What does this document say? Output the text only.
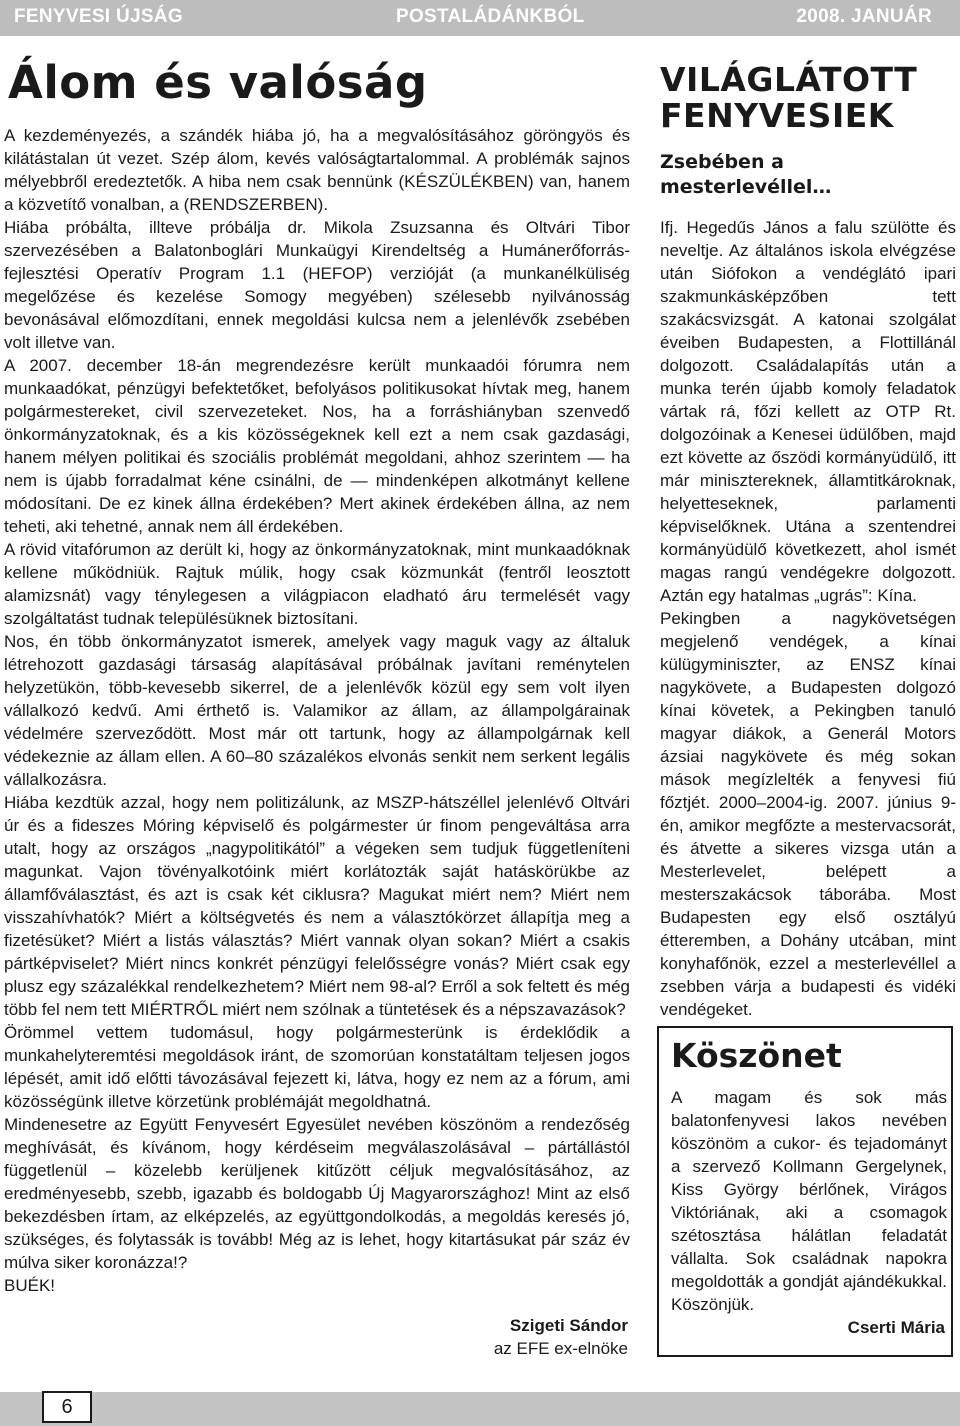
FENYVESI ÚJSÁG	POSTALÁDÁNKBÓL	2008. JANUÁR
Álom és valóság

A kezdeményezés, a szándék hiába jó, ha a megvalósításához göröngyös és kilátástalan út vezet. Szép álom, kevés valóságtartalommal. A problémák sajnos mélyebbről eredeztetők. A hiba nem csak bennünk (KÉSZÜLÉKBEN) van, hanem a közvetítő vonalban, a (RENDSZERBEN).

Hiába próbálta, illteve próbálja dr. Mikola Zsuzsanna és Oltvári Tibor szervezésében a Balatonboglári Munkaügyi Kirendeltség a Humánerőforrás-fejlesztési Operatív Program 1.1 (HEFOP) verzióját (a munkanélküliség megelőzése és kezelése Somogy megyében) szélesebb nyilvánosság bevonásával előmozdítani, ennek megoldási kulcsa nem a jelenlévők zsebében volt illetve van.

A 2007. december 18-án megrendezésre került munkaadói fórumra nem munkaadókat, pénzügyi befektetőket, befolyásos politikusokat hívtak meg, hanem polgármestereket, civil szervezeteket. Nos, ha a forráshiányban szenvedő önkormányzatoknak, és a kis közösségeknek kell ezt a nem csak gazdasági, hanem mélyen politikai és szociális problémát megoldani, ahhoz szerintem — ha nem is újabb forradalmat kéne csinálni, de — mindenképen alkotmányt kellene módosítani. De ez kinek állna érdekében? Mert akinek érdekében állna, az nem teheti, aki tehetné, annak nem áll érdekében.

A rövid vitafórumon az derült ki, hogy az önkormányzatoknak, mint munkaadóknak kellene működniük. Rajtuk múlik, hogy csak közmunkát (fentről leosztott alamizsnát) vagy ténylegesen a világpiacon eladható áru termelését vagy szolgáltatást tudnak településüknek biztosítani.

Nos, én több önkormányzatot ismerek, amelyek vagy maguk vagy az általuk létrehozott gazdasági társaság alapításával próbálnak javítani reménytelen helyzetükön, több-kevesebb sikerrel, de a jelenlévők közül egy sem volt ilyen vállalkozó kedvű. Ami érthető is. Valamikor az állam, az állampolgárainak védelmére szerveződött. Most már ott tartunk, hogy az állampolgárnak kell védekeznie az állam ellen. A 60–80 százalékos elvonás senkit nem serkent legális vállalkozásra.

Hiába kezdtük azzal, hogy nem politizálunk, az MSZP-hátszéllel jelenlévő Oltvári úr és a fideszes Móring képviselő és polgármester úr finom pengeváltása arra utalt, hogy az országos „nagypolitikától” a végeken sem tudjuk függetleníteni magunkat. Vajon tövényalkotóink miért korlátozták saját hatáskörükbe az államfőválasztást, és azt is csak két ciklusra? Magukat miért nem? Miért nem visszahívhatók? Miért a költségvetés és nem a választókörzet állapítja meg a fizetésüket? Miért a listás választás? Miért vannak olyan sokan? Miért a csakis pártképviselet? Miért nincs konkrét pénzügyi felelősségre vonás? Miért csak egy plusz egy százalékkal rendelkezhetem? Miért nem 98-al? Erről a sok feltett és még több fel nem tett MIÉRTRŐL miért nem szólnak a tüntetések és a népszavazások?

Örömmel vettem tudomásul, hogy polgármesterünk is érdeklődik a munkahelyteremtési megoldások iránt, de szomorúan konstatáltam teljesen jogos lépését, amit idő előtti távozásával fejezett ki, látva, hogy ez nem az a fórum, ami közösségünk illetve körzetünk problémáját megoldhatná.

Mindenesetre az Együtt Fenyvesért Egyesület nevében köszönöm a rendezőség meghívását, és kívánom, hogy kérdéseim megválaszolásával – pártállástól függetlenül – közelebb kerüljenek kitűzött céljuk megvalósításához, az eredményesebb, szebb, igazabb és boldogabb Új Magyarországhoz! Mint az első bekezdésben írtam, az elképzelés, az együttgondolkodás, a megoldás keresés jó, szükséges, és folytassák is tovább! Még az is lehet, hogy kitartásukat pár száz év múlva siker koronázza!?

BUÉK!

Szigeti Sándor
az EFE ex-elnöke
VILÁGLÁTOTT FENYVESIEK
Zsebében a mesterlevéllel…

Ifj. Hegedűs János a falu szülötte és neveltje. Az általános iskola elvégzése után Siófokon a vendéglátó ipari szakmunkásképzőben tett szakácsvizsgát. A katonai szolgálat éveiben Budapesten, a Flottillánál dolgozott. Családalapítás után a munka terén újabb komoly feladatok vártak rá, főzi kellett az OTP Rt. dolgozóinak a Kenesei üdülőben, majd ezt követte az őszödi kormányüdülő, itt már minisztereknek, államtitkároknak, helyetteseknek, parlamenti képviselőknek. Utána a szentendrei kormányüdülő következett, ahol ismét magas rangú vendégekre dolgozott. Aztán egy hatalmas „ugrás”: Kína.

Pekingben a nagykövetségen megjelenő vendégek, a kínai külügyminiszter, az ENSZ kínai nagykövete, a Budapesten dolgozó kínai követek, a Pekingben tanuló magyar diákok, a Generál Motors ázsiai nagykövete és még sokan mások megízlelték a fenyvesi fiú főztjét. 2000–2004-ig. 2007. június 9-én, amikor megfőzte a mestervacsorát, és átvette a sikeres vizsga után a Mesterlevelet, belépett a mesterszakácsok táborába. Most Budapesten egy első osztályú étteremben, a Dohány utcában, mint konyhafőnök, ezzel a mesterlevéllel a zsebben várja a budapesti és vidéki vendégeket.

Köszönet

A magam és sok más balatonfenyvesi lakos nevében köszönöm a cukor- és tejadományt a szervező Kollmann Gergelynek, Kiss György bérlőnek, Virágos Viktóriának, aki a csomagok szétosztása hálátlan feladatát vállalta. Sok családnak napokra megoldották a gondját ajándékukkal. Köszönjük.

Cserti Mária
6
